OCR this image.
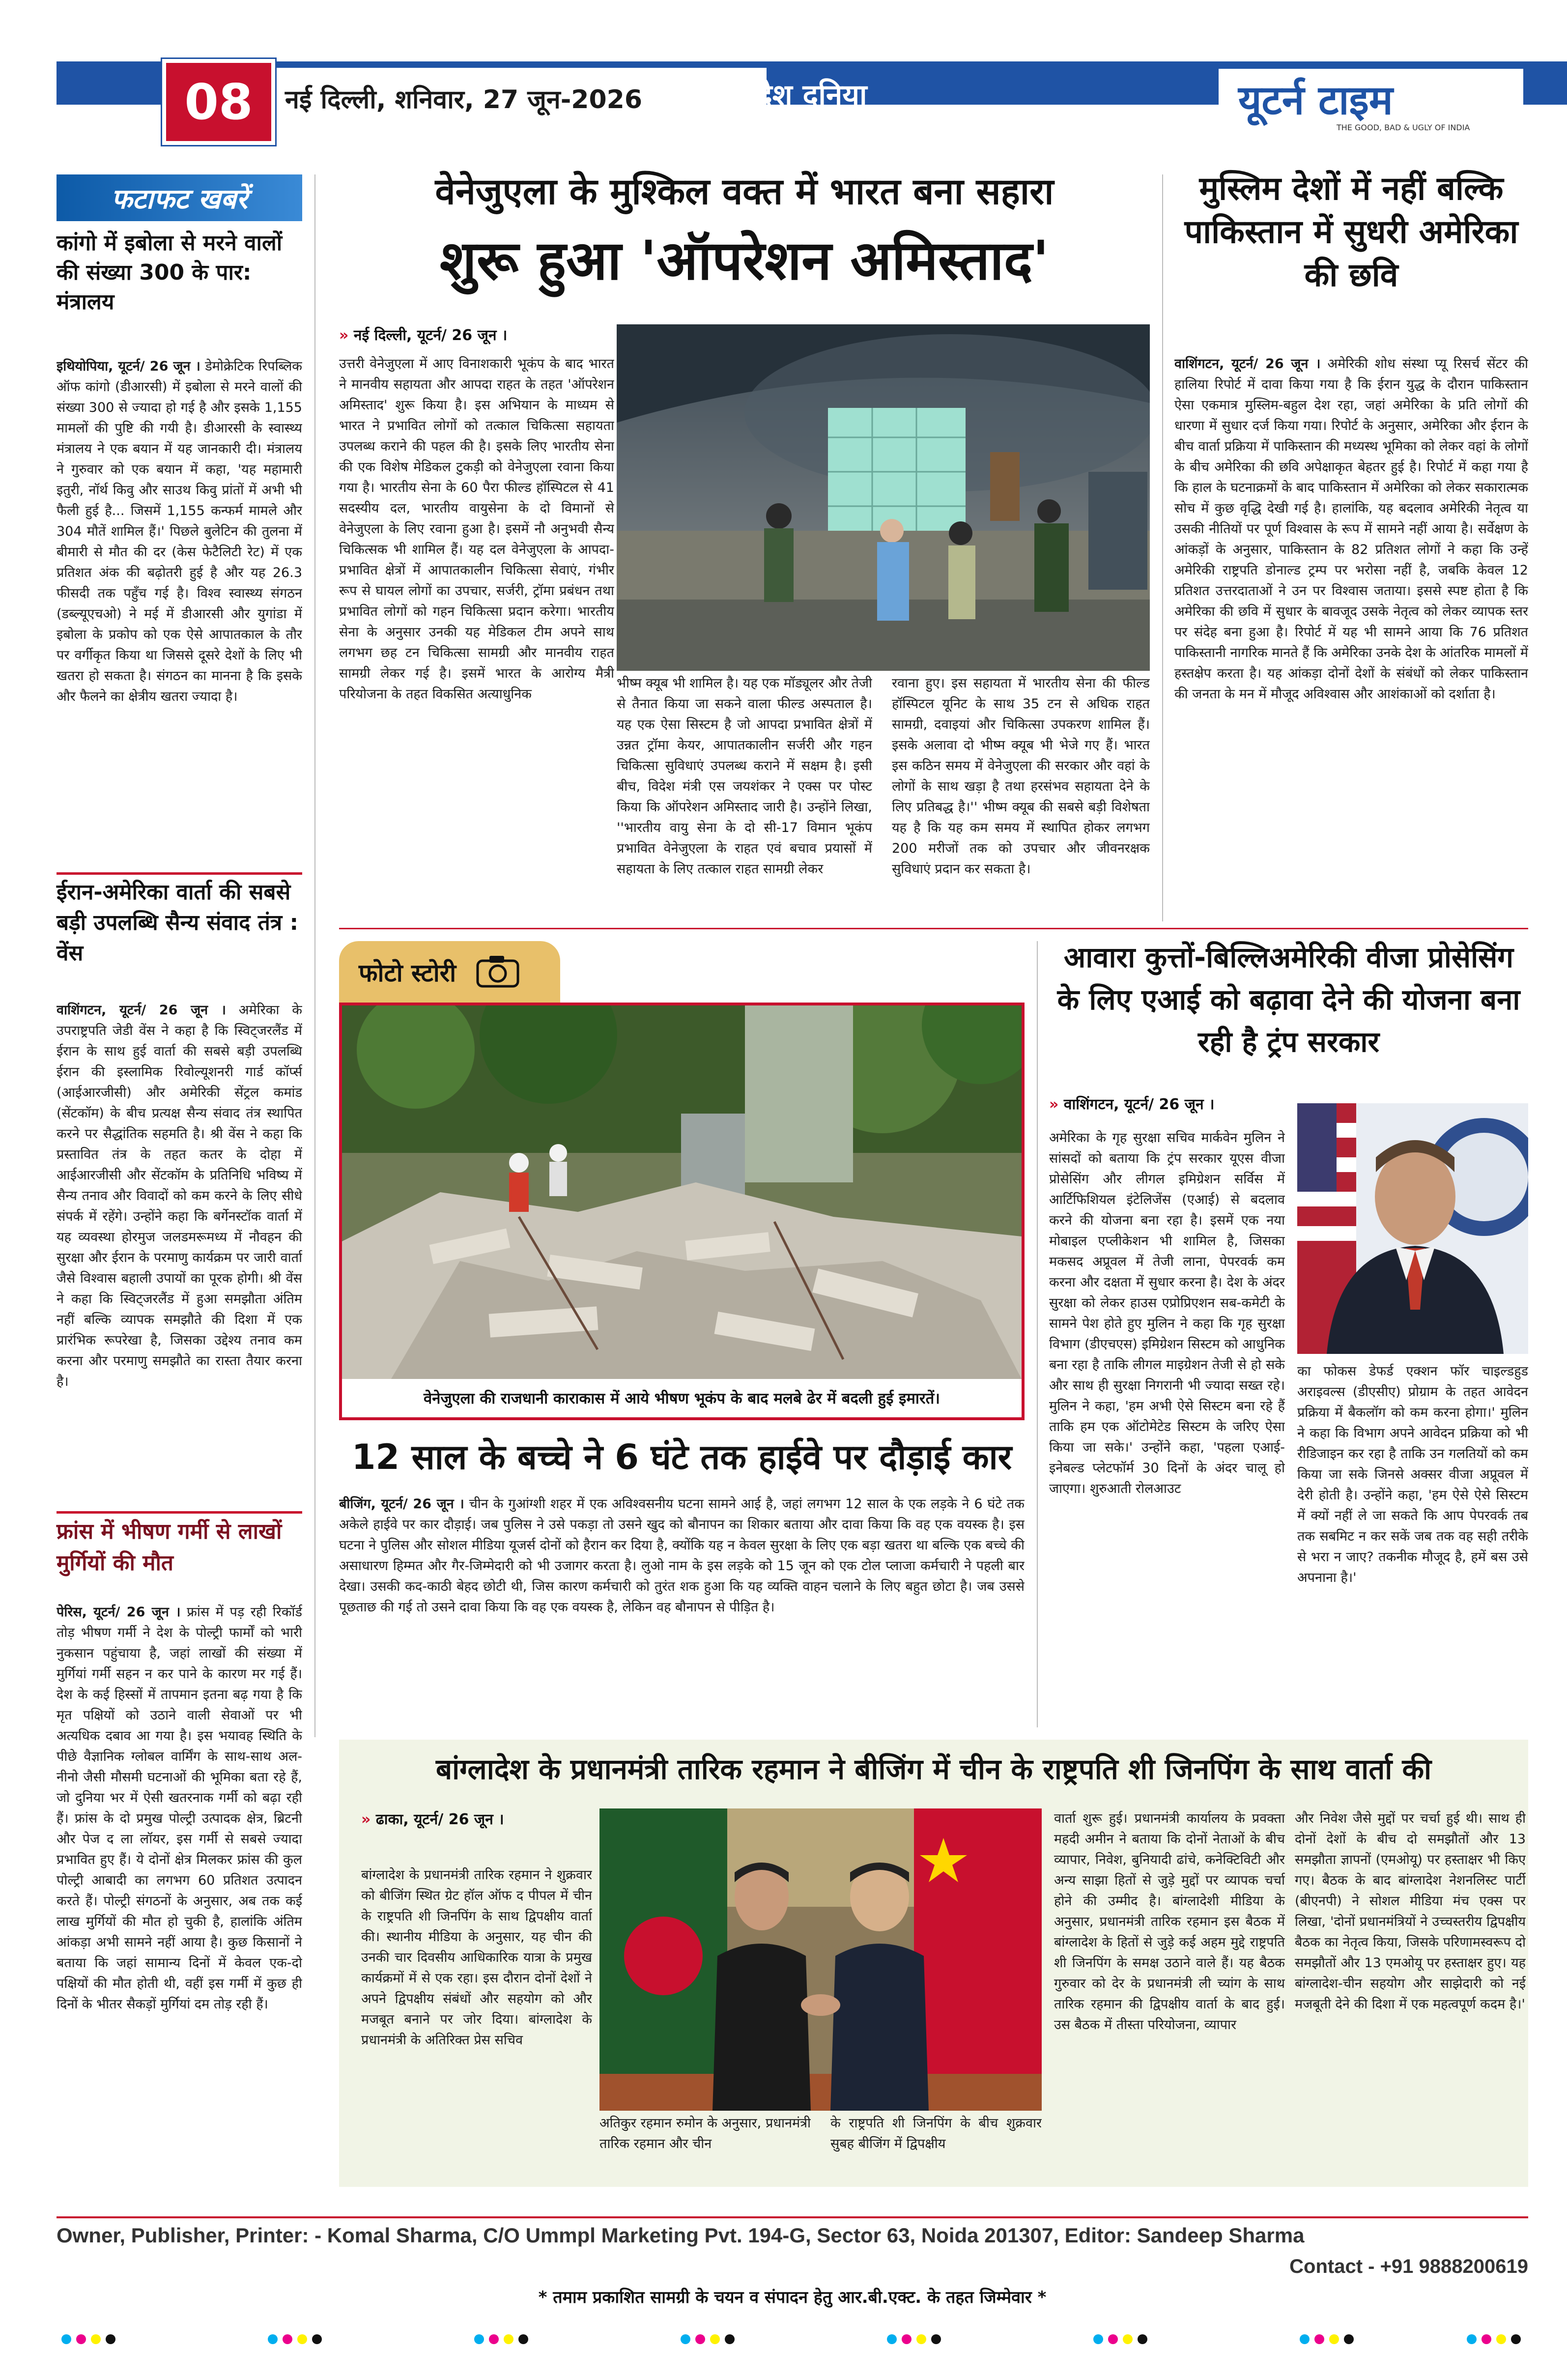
08 नई दिल्ली, शनिवार, 27 जून-2026	देश दुनिया	यूटर्न टाइम
THE GOOD, BAD & UGLY OF INDIA
फटाफट खबरें
कांगो में इबोला से मरने वालों की संख्या 300 के पार: मंत्रालय
इथियोपिया, यूटर्न/ 26 जून । डेमोक्रेटिक रिपब्लिक ऑफ कांगो (डीआरसी) में इबोला से मरने वालों की संख्या 300 से ज्यादा हो गई है और इसके 1,155 मामलों की पुष्टि की गयी है। डीआरसी के स्वास्थ्य मंत्रालय ने एक बयान में यह जानकारी दी। मंत्रालय ने गुरुवार को एक बयान में कहा, 'यह महामारी इतुरी, नॉर्थ किवु और साउथ किवु प्रांतों में अभी भी फैली हुई है... जिसमें 1,155 कन्फर्म मामले और 304 मौतें शामिल हैं।' पिछले बुलेटिन की तुलना में बीमारी से मौत की दर (केस फेटैलिटी रेट) में एक प्रतिशत अंक की बढ़ोतरी हुई है और यह 26.3 फीसदी तक पहुँच गई है। विश्व स्वास्थ्य संगठन (डब्ल्यूएचओ) ने मई में डीआरसी और युगांडा में इबोला के प्रकोप को एक ऐसे आपातकाल के तौर पर वर्गीकृत किया था जिससे दूसरे देशों के लिए भी खतरा हो सकता है। संगठन का मानना है कि इसके और फैलने का क्षेत्रीय खतरा ज्यादा है।
ईरान-अमेरिका वार्ता की सबसे बड़ी उपलब्धि सैन्य संवाद तंत्र : वेंस
वाशिंगटन, यूटर्न/ 26 जून । अमेरिका के उपराष्ट्रपति जेडी वेंस ने कहा है कि स्विट्जरलैंड में ईरान के साथ हुई वार्ता की सबसे बड़ी उपलब्धि ईरान की इस्लामिक रिवोल्यूशनरी गार्ड कॉर्प्स (आईआरजीसी) और अमेरिकी सेंट्रल कमांड (सेंटकॉम) के बीच प्रत्यक्ष सैन्य संवाद तंत्र स्थापित करने पर सैद्धांतिक सहमति है। श्री वेंस ने कहा कि प्रस्तावित तंत्र के तहत कतर के दोहा में आईआरजीसी और सेंटकॉम के प्रतिनिधि भविष्य में सैन्य तनाव और विवादों को कम करने के लिए सीधे संपर्क में रहेंगे। उन्होंने कहा कि बर्गेनस्टॉक वार्ता में यह व्यवस्था होरमुज जलडमरूमध्य में नौवहन की सुरक्षा और ईरान के परमाणु कार्यक्रम पर जारी वार्ता जैसे विश्वास बहाली उपायों का पूरक होगी। श्री वेंस ने कहा कि स्विट्जरलैंड में हुआ समझौता अंतिम नहीं बल्कि व्यापक समझौते की दिशा में एक प्रारंभिक रूपरेखा है, जिसका उद्देश्य तनाव कम करना और परमाणु समझौते का रास्ता तैयार करना है।
फ्रांस में भीषण गर्मी से लाखों मुर्गियों की मौत
पेरिस, यूटर्न/ 26 जून । फ्रांस में पड़ रही रिकॉर्ड तोड़ भीषण गर्मी ने देश के पोल्ट्री फार्मों को भारी नुकसान पहुंचाया है, जहां लाखों की संख्या में मुर्गियां गर्मी सहन न कर पाने के कारण मर गई हैं। देश के कई हिस्सों में तापमान इतना बढ़ गया है कि मृत पक्षियों को उठाने वाली सेवाओं पर भी अत्यधिक दबाव आ गया है। इस भयावह स्थिति के पीछे वैज्ञानिक ग्लोबल वार्मिंग के साथ-साथ अल-नीनो जैसी मौसमी घटनाओं की भूमिका बता रहे हैं, जो दुनिया भर में ऐसी खतरनाक गर्मी को बढ़ा रही हैं। फ्रांस के दो प्रमुख पोल्ट्री उत्पादक क्षेत्र, ब्रिटनी और पेज द ला लॉयर, इस गर्मी से सबसे ज्यादा प्रभावित हुए हैं। ये दोनों क्षेत्र मिलकर फ्रांस की कुल पोल्ट्री आबादी का लगभग 60 प्रतिशत उत्पादन करते हैं। पोल्ट्री संगठनों के अनुसार, अब तक कई लाख मुर्गियों की मौत हो चुकी है, हालांकि अंतिम आंकड़ा अभी सामने नहीं आया है। कुछ किसानों ने बताया कि जहां सामान्य दिनों में केवल एक-दो पक्षियों की मौत होती थी, वहीं इस गर्मी में कुछ ही दिनों के भीतर सैकड़ों मुर्गियां दम तोड़ रही हैं।
वेनेजुएला के मुश्किल वक्त में भारत बना सहारा
शुरू हुआ 'ऑपरेशन अमिस्ताद'
» नई दिल्ली, यूटर्न/ 26 जून ।
उत्तरी वेनेजुएला में आए विनाशकारी भूकंप के बाद भारत ने मानवीय सहायता और आपदा राहत के तहत 'ऑपरेशन अमिस्ताद' शुरू किया है। इस अभियान के माध्यम से भारत ने प्रभावित लोगों को तत्काल चिकित्सा सहायता उपलब्ध कराने की पहल की है। इसके लिए भारतीय सेना की एक विशेष मेडिकल टुकड़ी को वेनेजुएला रवाना किया गया है। भारतीय सेना के 60 पैरा फील्ड हॉस्पिटल से 41 सदस्यीय दल, भारतीय वायुसेना के दो विमानों से वेनेजुएला के लिए रवाना हुआ है। इसमें नौ अनुभवी सैन्य चिकित्सक भी शामिल हैं। यह दल वेनेजुएला के आपदा-प्रभावित क्षेत्रों में आपातकालीन चिकित्सा सेवाएं, गंभीर रूप से घायल लोगों का उपचार, सर्जरी, ट्रॉमा प्रबंधन तथा प्रभावित लोगों को गहन चिकित्सा प्रदान करेगा। भारतीय सेना के अनुसार उनकी यह मेडिकल टीम अपने साथ लगभग छह टन चिकित्सा सामग्री और मानवीय राहत सामग्री लेकर गई है। इसमें भारत के आरोग्य मैत्री परियोजना के तहत विकसित अत्याधुनिक
भीष्म क्यूब भी शामिल है। यह एक मॉड्यूलर और तेजी से तैनात किया जा सकने वाला फील्ड अस्पताल है। यह एक ऐसा सिस्टम है जो आपदा प्रभावित क्षेत्रों में उन्नत ट्रॉमा केयर, आपातकालीन सर्जरी और गहन चिकित्सा सुविधाएं उपलब्ध कराने में सक्षम है। इसी बीच, विदेश मंत्री एस जयशंकर ने एक्स पर पोस्ट किया कि ऑपरेशन अमिस्ताद जारी है। उन्होंने लिखा, ''भारतीय वायु सेना के दो सी-17 विमान भूकंप प्रभावित वेनेजुएला के राहत एवं बचाव प्रयासों में सहायता के लिए तत्काल राहत सामग्री लेकर
रवाना हुए। इस सहायता में भारतीय सेना की फील्ड हॉस्पिटल यूनिट के साथ 35 टन से अधिक राहत सामग्री, दवाइयां और चिकित्सा उपकरण शामिल हैं। इसके अलावा दो भीष्म क्यूब भी भेजे गए हैं। भारत इस कठिन समय में वेनेजुएला की सरकार और वहां के लोगों के साथ खड़ा है तथा हरसंभव सहायता देने के लिए प्रतिबद्ध है।'' भीष्म क्यूब की सबसे बड़ी विशेषता यह है कि यह कम समय में स्थापित होकर लगभग 200 मरीजों तक को उपचार और जीवनरक्षक सुविधाएं प्रदान कर सकता है।
मुस्लिम देशों में नहीं बल्कि पाकिस्तान में सुधरी अमेरिका की छवि
वाशिंगटन, यूटर्न/ 26 जून । अमेरिकी शोध संस्था प्यू रिसर्च सेंटर की हालिया रिपोर्ट में दावा किया गया है कि ईरान युद्ध के दौरान पाकिस्तान ऐसा एकमात्र मुस्लिम-बहुल देश रहा, जहां अमेरिका के प्रति लोगों की धारणा में सुधार दर्ज किया गया। रिपोर्ट के अनुसार, अमेरिका और ईरान के बीच वार्ता प्रक्रिया में पाकिस्तान की मध्यस्थ भूमिका को लेकर वहां के लोगों के बीच अमेरिका की छवि अपेक्षाकृत बेहतर हुई है। रिपोर्ट में कहा गया है कि हाल के घटनाक्रमों के बाद पाकिस्तान में अमेरिका को लेकर सकारात्मक सोच में कुछ वृद्धि देखी गई है। हालांकि, यह बदलाव अमेरिकी नेतृत्व या उसकी नीतियों पर पूर्ण विश्वास के रूप में सामने नहीं आया है। सर्वेक्षण के आंकड़ों के अनुसार, पाकिस्तान के 82 प्रतिशत लोगों ने कहा कि उन्हें अमेरिकी राष्ट्रपति डोनाल्ड ट्रम्प पर भरोसा नहीं है, जबकि केवल 12 प्रतिशत उत्तरदाताओं ने उन पर विश्वास जताया। इससे स्पष्ट होता है कि अमेरिका की छवि में सुधार के बावजूद उसके नेतृत्व को लेकर व्यापक स्तर पर संदेह बना हुआ है। रिपोर्ट में यह भी सामने आया कि 76 प्रतिशत पाकिस्तानी नागरिक मानते हैं कि अमेरिका उनके देश के आंतरिक मामलों में हस्तक्षेप करता है। यह आंकड़ा दोनों देशों के संबंधों को लेकर पाकिस्तान की जनता के मन में मौजूद अविश्वास और आशंकाओं को दर्शाता है।
फोटो स्टोरी
वेनेजुएला की राजधानी काराकास में आये भीषण भूकंप के बाद मलबे ढेर में बदली हुई इमारतें।
12 साल के बच्चे ने 6 घंटे तक हाईवे पर दौड़ाई कार
बीजिंग, यूटर्न/ 26 जून । चीन के गुआंग्शी शहर में एक अविश्वसनीय घटना सामने आई है, जहां लगभग 12 साल के एक लड़के ने 6 घंटे तक अकेले हाईवे पर कार दौड़ाई। जब पुलिस ने उसे पकड़ा तो उसने खुद को बौनापन का शिकार बताया और दावा किया कि वह एक वयस्क है। इस घटना ने पुलिस और सोशल मीडिया यूजर्स दोनों को हैरान कर दिया है, क्योंकि यह न केवल सुरक्षा के लिए एक बड़ा खतरा था बल्कि एक बच्चे की असाधारण हिम्मत और गैर-जिम्मेदारी को भी उजागर करता है। लुओ नाम के इस लड़के को 15 जून को एक टोल प्लाजा कर्मचारी ने पहली बार देखा। उसकी कद-काठी बेहद छोटी थी, जिस कारण कर्मचारी को तुरंत शक हुआ कि यह व्यक्ति वाहन चलाने के लिए बहुत छोटा है। जब उससे पूछताछ की गई तो उसने दावा किया कि वह एक वयस्क है, लेकिन वह बौनापन से पीड़ित है।
आवारा कुत्तों-बिल्लिअमेरिकी वीजा प्रोसेसिंग के लिए एआई को बढ़ावा देने की योजना बना रही है ट्रंप सरकार
» वाशिंगटन, यूटर्न/ 26 जून ।
अमेरिका के गृह सुरक्षा सचिव मार्कवेन मुलिन ने सांसदों को बताया कि ट्रंप सरकार यूएस वीजा प्रोसेसिंग और लीगल इमिग्रेशन सर्विस में आर्टिफिशियल इंटेलिजेंस (एआई) से बदलाव करने की योजना बना रहा है। इसमें एक नया मोबाइल एप्लीकेशन भी शामिल है, जिसका मकसद अप्रूवल में तेजी लाना, पेपरवर्क कम करना और दक्षता में सुधार करना है। देश के अंदर सुरक्षा को लेकर हाउस एप्रोप्रिएशन सब-कमेटी के सामने पेश होते हुए मुलिन ने कहा कि गृह सुरक्षा विभाग (डीएचएस) इमिग्रेशन सिस्टम को आधुनिक बना रहा है ताकि लीगल माइग्रेशन तेजी से हो सके और साथ ही सुरक्षा निगरानी भी ज्यादा सख्त रहे। मुलिन ने कहा, 'हम अभी ऐसे सिस्टम बना रहे हैं ताकि हम एक ऑटोमेटेड सिस्टम के जरिए ऐसा किया जा सके।' उन्होंने कहा, 'पहला एआई-इनेबल्ड प्लेटफॉर्म 30 दिनों के अंदर चालू हो जाएगा। शुरुआती रोलआउट
का फोकस डेफर्ड एक्शन फॉर चाइल्डहुड अराइवल्स (डीएसीए) प्रोग्राम के तहत आवेदन प्रक्रिया में बैकलॉग को कम करना होगा।' मुलिन ने कहा कि विभाग अपने आवेदन प्रक्रिया को भी रीडिजाइन कर रहा है ताकि उन गलतियों को कम किया जा सके जिनसे अक्सर वीजा अप्रूवल में देरी होती है। उन्होंने कहा, 'हम ऐसे ऐसे सिस्टम में क्यों नहीं ले जा सकते कि आप पेपरवर्क तब तक सबमिट न कर सकें जब तक वह सही तरीके से भरा न जाए? तकनीक मौजूद है, हमें बस उसे अपनाना है।'
बांग्लादेश के प्रधानमंत्री तारिक रहमान ने बीजिंग में चीन के राष्ट्रपति शी जिनपिंग के साथ वार्ता की
» ढाका, यूटर्न/ 26 जून ।
बांग्लादेश के प्रधानमंत्री तारिक रहमान ने शुक्रवार को बीजिंग स्थित ग्रेट हॉल ऑफ द पीपल में चीन के राष्ट्रपति शी जिनपिंग के साथ द्विपक्षीय वार्ता की। स्थानीय मीडिया के अनुसार, यह चीन की उनकी चार दिवसीय आधिकारिक यात्रा के प्रमुख कार्यक्रमों में से एक रहा। इस दौरान दोनों देशों ने अपने द्विपक्षीय संबंधों और सहयोग को और मजबूत बनाने पर जोर दिया। बांग्लादेश के प्रधानमंत्री के अतिरिक्त प्रेस सचिव
अतिकुर रहमान रुमोन के अनुसार, प्रधानमंत्री तारिक रहमान और चीन
के राष्ट्रपति शी जिनपिंग के बीच शुक्रवार सुबह बीजिंग में द्विपक्षीय
वार्ता शुरू हुई। प्रधानमंत्री कार्यालय के प्रवक्ता महदी अमीन ने बताया कि दोनों नेताओं के बीच व्यापार, निवेश, बुनियादी ढांचे, कनेक्टिविटी और अन्य साझा हितों से जुड़े मुद्दों पर व्यापक चर्चा होने की उम्मीद है। बांग्लादेशी मीडिया के अनुसार, प्रधानमंत्री तारिक रहमान इस बैठक में बांग्लादेश के हितों से जुड़े कई अहम मुद्दे राष्ट्रपति शी जिनपिंग के समक्ष उठाने वाले हैं। यह बैठक गुरुवार को देर के प्रधानमंत्री ली च्यांग के साथ तारिक रहमान की द्विपक्षीय वार्ता के बाद हुई। उस बैठक में तीस्ता परियोजना, व्यापार
और निवेश जैसे मुद्दों पर चर्चा हुई थी। साथ ही दोनों देशों के बीच दो समझौतों और 13 समझौता ज्ञापनों (एमओयू) पर हस्ताक्षर भी किए गए। बैठक के बाद बांग्लादेश नेशनलिस्ट पार्टी (बीएनपी) ने सोशल मीडिया मंच एक्स पर लिखा, 'दोनों प्रधानमंत्रियों ने उच्चस्तरीय द्विपक्षीय बैठक का नेतृत्व किया, जिसके परिणामस्वरूप दो समझौतों और 13 एमओयू पर हस्ताक्षर हुए। यह बांग्लादेश-चीन सहयोग और साझेदारी को नई मजबूती देने की दिशा में एक महत्वपूर्ण कदम है।'
Owner, Publisher, Printer: - Komal Sharma, C/O Ummpl Marketing Pvt. 194-G, Sector 63, Noida 201307, Editor: Sandeep Sharma
Contact - +91 9888200619
* तमाम प्रकाशित सामग्री के चयन व संपादन हेतु आर.बी.एक्ट. के तहत जिम्मेवार *
